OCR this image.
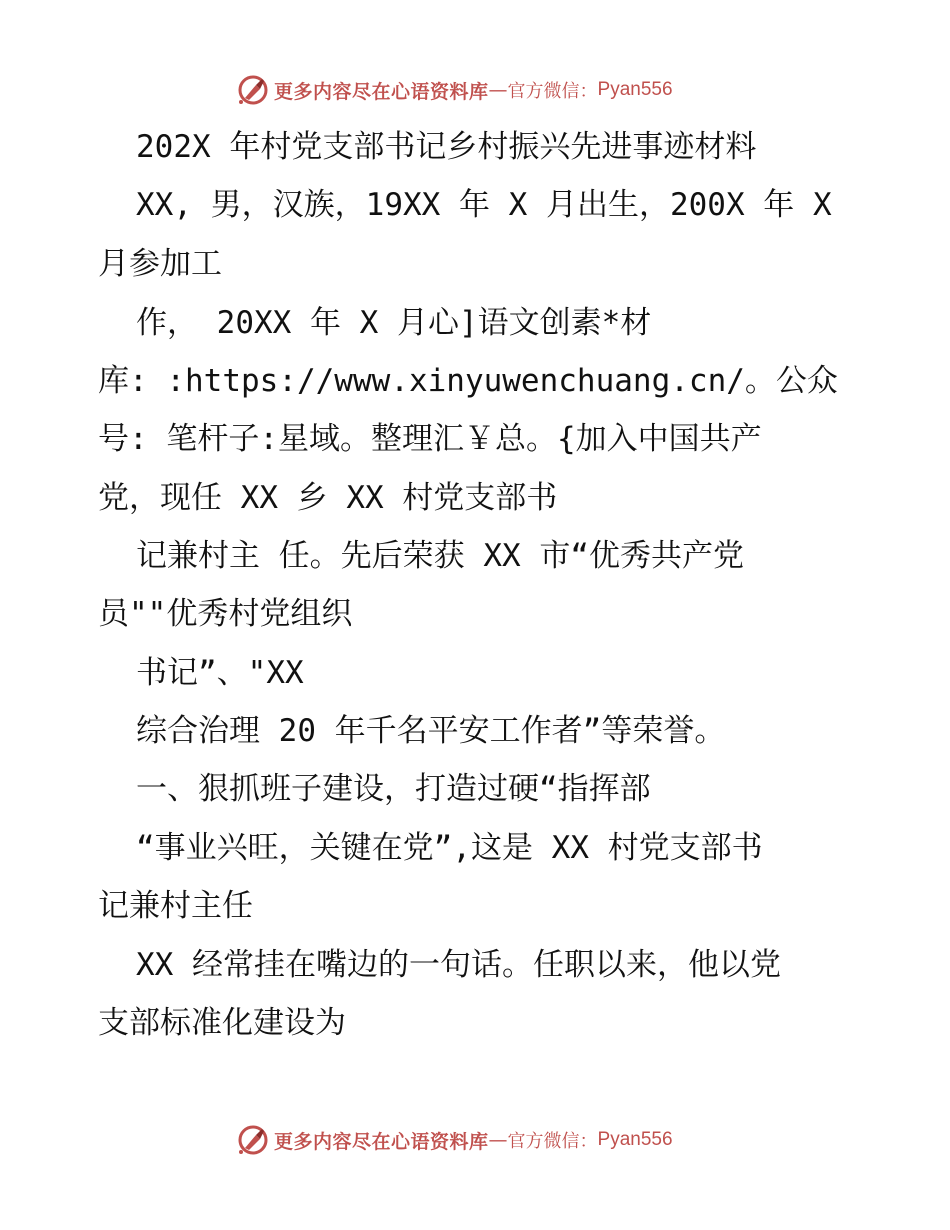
更多内容尽在心语资料库 — 官方微信： Pyan556
202X 年村党支部书记乡村振兴先进事迹材料
XX, 男，汉族，19XX 年 X 月出生，200X 年 X
月参加工
作， 20XX 年 X 月心]语文创素*材
库: :https://www.xinyuwenchuang.cn/。公众
号: 笔杆子:星域。整理汇￥总。{加入中国共产
党，现任 XX 乡 XX 村党支部书
记兼村主 任。先后荣获 XX 市“优秀共产党
员""优秀村党组织
书记”、"XX
综合治理 20 年千名平安工作者”等荣誉。
一、狠抓班子建设，打造过硬“指挥部
“事业兴旺，关键在党”,这是 XX 村党支部书
记兼村主任
XX 经常挂在嘴边的一句话。任职以来，他以党
支部标准化建设为
更多内容尽在心语资料库 — 官方微信： Pyan556
